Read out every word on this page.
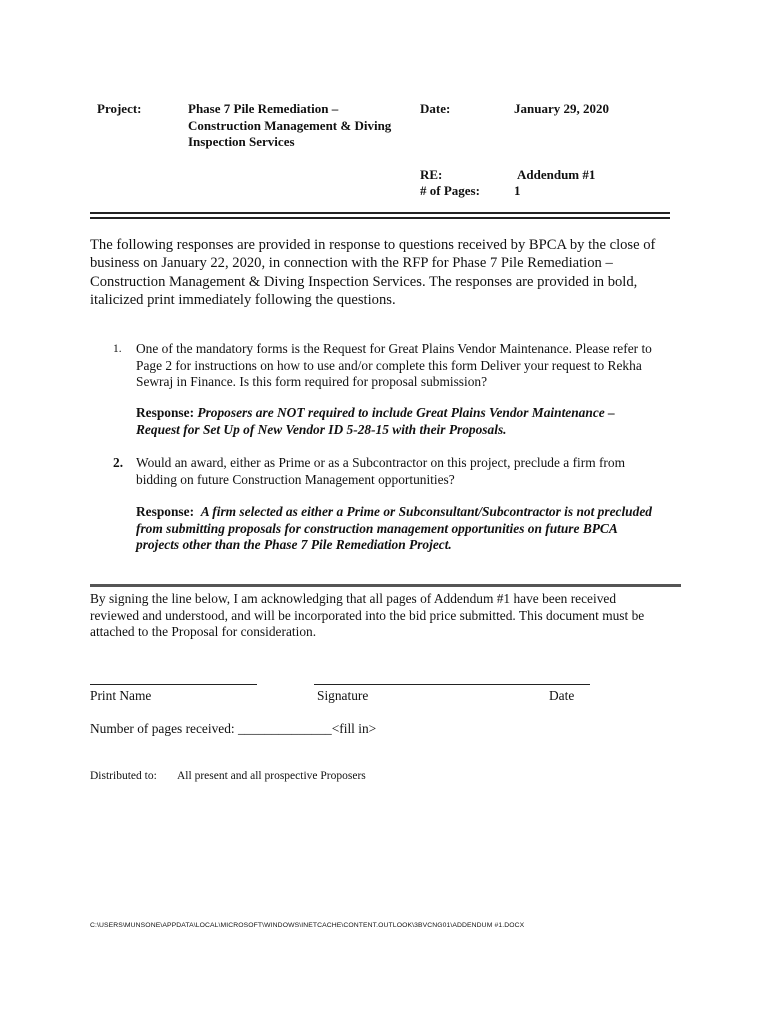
Project:	Phase 7 Pile Remediation –
Construction Management & Diving
Inspection Services
Date:	January 29, 2020
RE:	Addendum #1
# of Pages:	1
The following responses are provided in response to questions received by BPCA by the close of
business on January 22, 2020, in connection with the RFP for Phase 7 Pile Remediation –
Construction Management & Diving Inspection Services. The responses are provided in bold,
italicized print immediately following the questions.
1. One of the mandatory forms is the Request for Great Plains Vendor Maintenance. Please refer to
Page 2 for instructions on how to use and/or complete this form Deliver your request to Rekha
Sewraj in Finance. Is this form required for proposal submission?
Response: Proposers are NOT required to include Great Plains Vendor Maintenance –
Request for Set Up of New Vendor ID 5-28-15 with their Proposals.
2. Would an award, either as Prime or as a Subcontractor on this project, preclude a firm from
bidding on future Construction Management opportunities?
Response: A firm selected as either a Prime or Subconsultant/Subcontractor is not precluded
from submitting proposals for construction management opportunities on future BPCA
projects other than the Phase 7 Pile Remediation Project.
By signing the line below, I am acknowledging that all pages of Addendum #1 have been received
reviewed and understood, and will be incorporated into the bid price submitted. This document must be
attached to the Proposal for consideration.
Print Name	Signature	Date
Number of pages received: ______________<fill in>
Distributed to: All present and all prospective Proposers
C:\USERS\MUNSONE\APPDATA\LOCAL\MICROSOFT\WINDOWS\INETCACHE\CONTENT.OUTLOOK\3BVCNG01\ADDENDUM #1.DOCX
